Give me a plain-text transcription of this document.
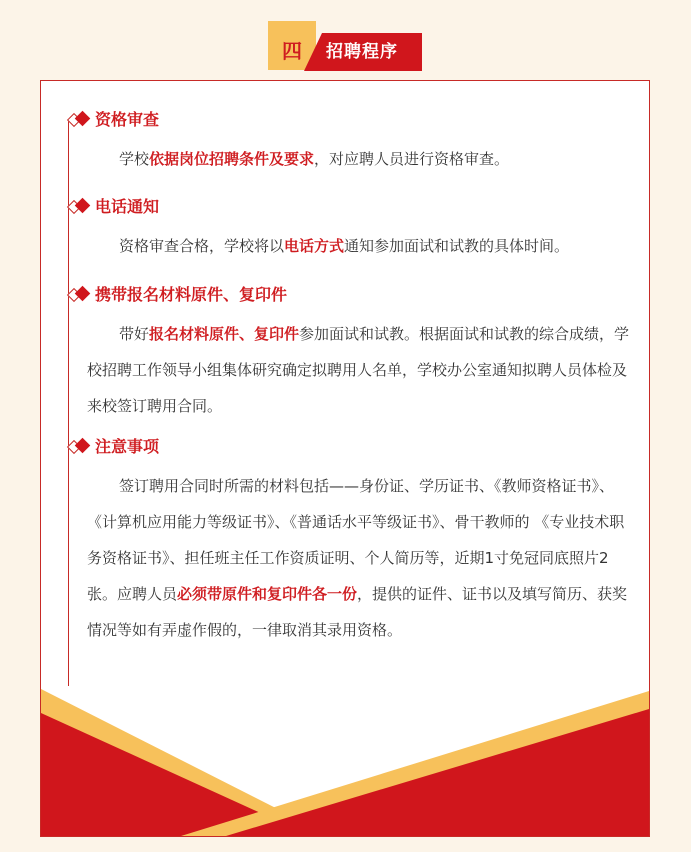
四	招聘程序
资格审查

学校依据岗位招聘条件及要求，对应聘人员进行资格审查。

电话通知

资格审查合格，学校将以电话方式通知参加面试和试教的具体时间。

携带报名材料原件、复印件

带好报名材料原件、复印件参加面试和试教。根据面试和试教的综合成绩，学校招聘工作领导小组集体研究确定拟聘用人名单，学校办公室通知拟聘人员体检及来校签订聘用合同。

注意事项

签订聘用合同时所需的材料包括——身份证、学历证书、《教师资格证书》、《计算机应用能力等级证书》、《普通话水平等级证书》、骨干教师的 《专业技术职务资格证书》、担任班主任工作资质证明、个人简历等，近期1寸免冠同底照片2张。应聘人员必须带原件和复印件各一份，提供的证件、证书以及填写简历、获奖情况等如有弄虚作假的，一律取消其录用资格。
